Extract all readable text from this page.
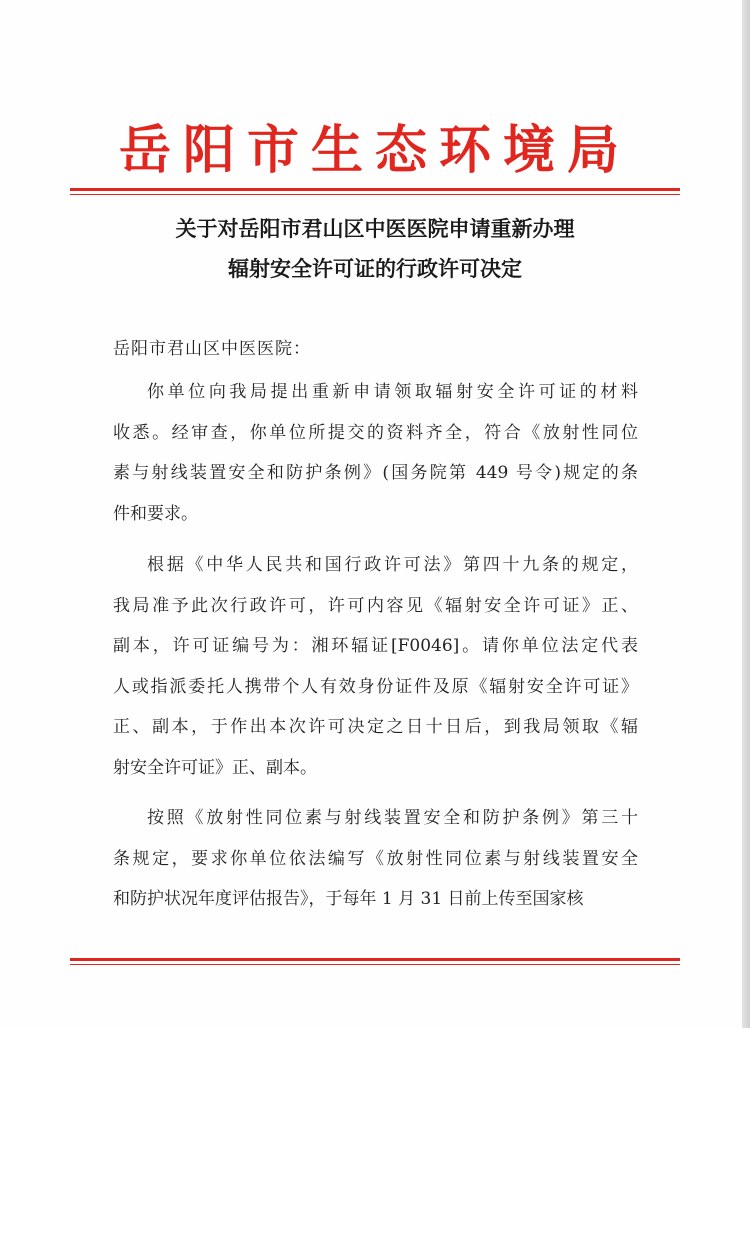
岳阳市生态环境局
关于对岳阳市君山区中医医院申请重新办理
辐射安全许可证的行政许可决定
岳阳市君山区中医医院：

你单位向我局提出重新申请领取辐射安全许可证的材料
收悉。经审查，你单位所提交的资料齐全，符合《放射性同位
素与射线装置安全和防护条例》(国务院第 449 号令)规定的条
件和要求。

根据《中华人民共和国行政许可法》第四十九条的规定，
我局准予此次行政许可，许可内容见《辐射安全许可证》正、
副本，许可证编号为：湘环辐证[F0046]。请你单位法定代表
人或指派委托人携带个人有效身份证件及原《辐射安全许可证》
正、副本，于作出本次许可决定之日十日后，到我局领取《辐
射安全许可证》正、副本。

按照《放射性同位素与射线装置安全和防护条例》第三十
条规定，要求你单位依法编写《放射性同位素与射线装置安全
和防护状况年度评估报告》，于每年 1 月 31 日前上传至国家核
